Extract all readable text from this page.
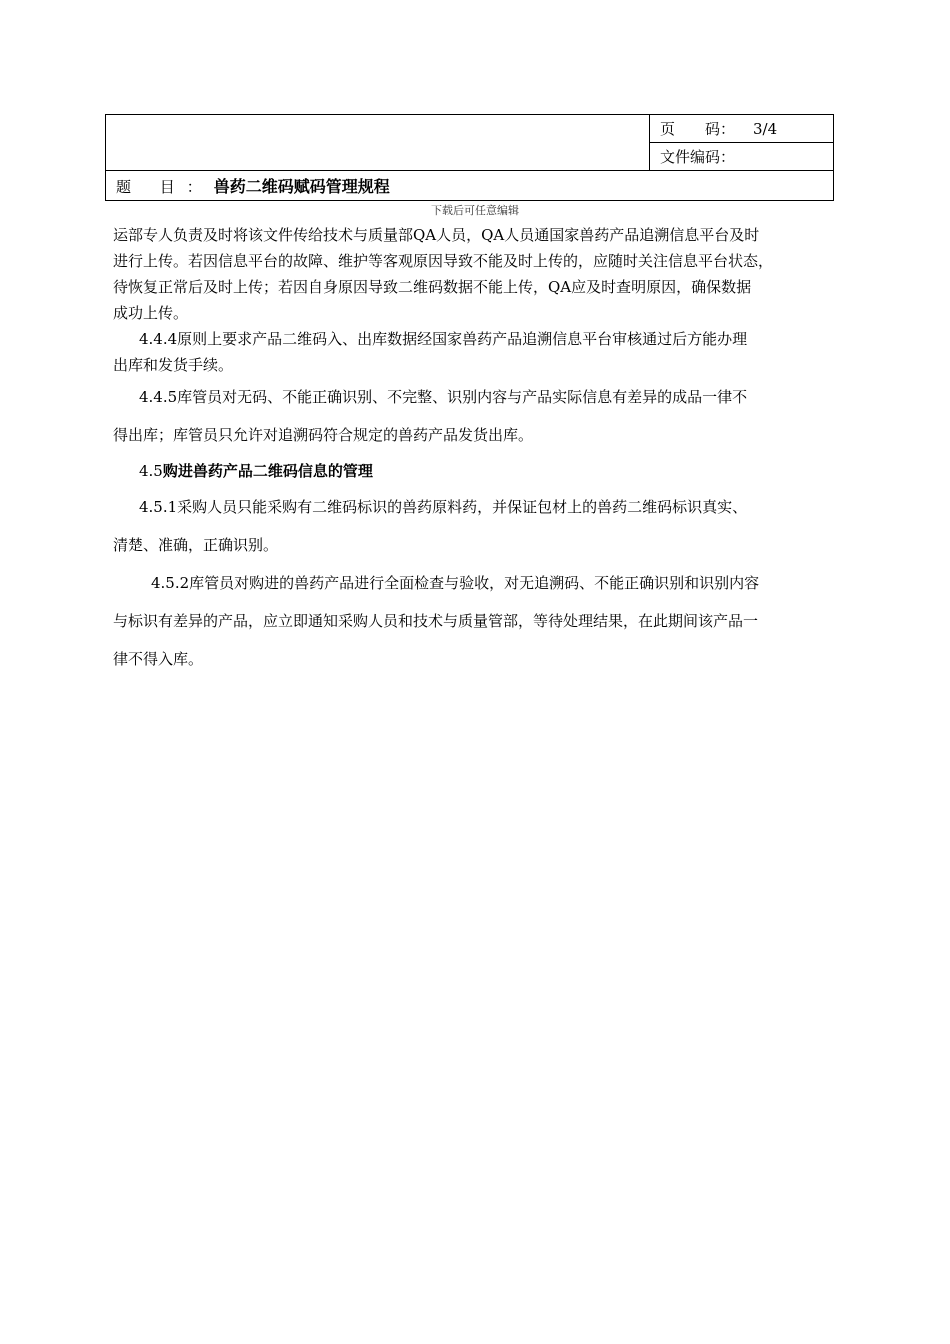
	页　　码： 3/4
文件编码：
题 目：兽药二维码赋码管理规程
下载后可任意编辑
运部专人负责及时将该文件传给技术与质量部QA人员，QA人员通国家兽药产品追溯信息平台及时
进行上传。若因信息平台的故障、维护等客观原因导致不能及时上传的，应随时关注信息平台状态，
待恢复正常后及时上传；若因自身原因导致二维码数据不能上传，QA应及时查明原因，确保数据
成功上传。
4.4.4原则上要求产品二维码入、出库数据经国家兽药产品追溯信息平台审核通过后方能办理
出库和发货手续。
4.4.5库管员对无码、不能正确识别、不完整、识别内容与产品实际信息有差异的成品一律不
得出库；库管员只允许对追溯码符合规定的兽药产品发货出库。
4.5购进兽药产品二维码信息的管理
4.5.1采购人员只能采购有二维码标识的兽药原料药，并保证包材上的兽药二维码标识真实、
清楚、准确，正确识别。
4.5.2库管员对购进的兽药产品进行全面检查与验收，对无追溯码、不能正确识别和识别内容
与标识有差异的产品，应立即通知采购人员和技术与质量管部，等待处理结果，在此期间该产品一
律不得入库。
